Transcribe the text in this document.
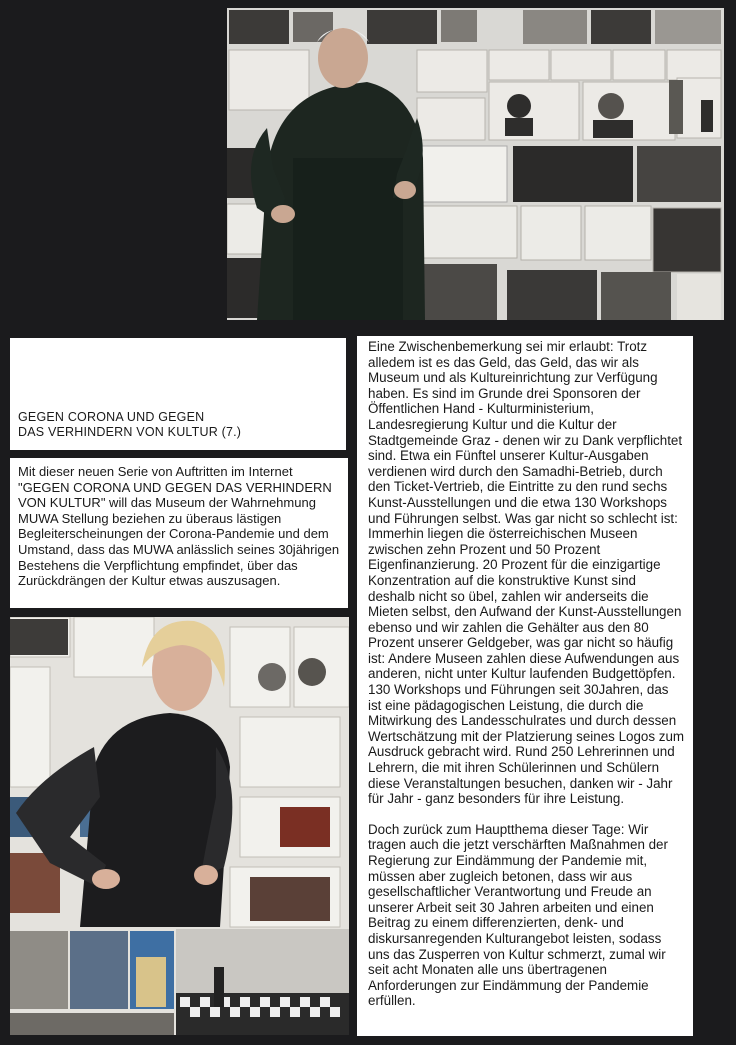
GEGEN CORONA UND GEGEN
DAS VERHINDERN VON KULTUR (7.)

Mit dieser neuen Serie von Auftritten im Internet "GEGEN CORONA UND GEGEN DAS VERHINDERN VON KULTUR" will das Museum der Wahrnehmung MUWA Stellung beziehen zu überaus lästigen Begleiterscheinungen der Corona-Pandemie und dem Umstand, dass das MUWA anlässlich seines 30jährigen Bestehens die Verpflichtung empfindet, über das Zurückdrängen der Kultur etwas auszusagen.

Eine Zwischenbemerkung sei mir erlaubt: Trotz alledem ist es das Geld, das Geld, das wir als Museum und als Kultureinrichtung zur Verfügung haben. Es sind im Grunde drei Sponsoren der Öffentlichen Hand - Kulturministerium, Landesregierung Kultur und die Kultur der Stadtgemeinde Graz - denen wir zu Dank verpflichtet sind. Etwa ein Fünftel unserer Kultur-Ausgaben verdienen wird durch den Samadhi-Betrieb, durch den Ticket-Vertrieb, die Eintritte zu den rund sechs Kunst-Ausstellungen und die etwa 130 Workshops und Führungen selbst. Was gar nicht so schlecht ist: Immerhin liegen die österreichischen Museen zwischen zehn Prozent und 50 Prozent Eigenfinanzierung. 20 Prozent für die einzigartige Konzentration auf die konstruktive Kunst sind deshalb nicht so übel, zahlen wir anderseits die Mieten selbst, den Aufwand der Kunst-Ausstellungen ebenso und wir zahlen die Gehälter aus den 80 Prozent unserer Geldgeber, was gar nicht so häufig ist: Andere Museen zahlen diese Aufwendungen aus anderen, nicht unter Kultur laufenden Budgettöpfen.
130 Workshops und Führungen seit 30Jahren, das ist eine pädagogischen Leistung, die durch die Mitwirkung des Landesschulrates und durch dessen Wertschätzung mit der Platzierung seines Logos zum Ausdruck gebracht wird. Rund 250 Lehrerinnen und Lehrern, die mit ihren Schülerinnen und Schülern diese Veranstaltungen besuchen, danken wir - Jahr für Jahr - ganz besonders für ihre Leistung.

Doch zurück zum Hauptthema dieser Tage: Wir tragen auch die jetzt verschärften Maßnahmen der Regierung zur Eindämmung der Pandemie mit, müssen aber zugleich betonen, dass wir aus gesellschaftlicher Verantwortung und Freude an unserer Arbeit seit 30 Jahren arbeiten und einen Beitrag zu einem differenzierten, denk- und diskursanregenden Kulturangebot leisten, sodass uns das Zusperren von Kultur schmerzt, zumal wir seit acht Monaten alle uns übertragenen Anforderungen zur Eindämmung der Pandemie erfüllen.
